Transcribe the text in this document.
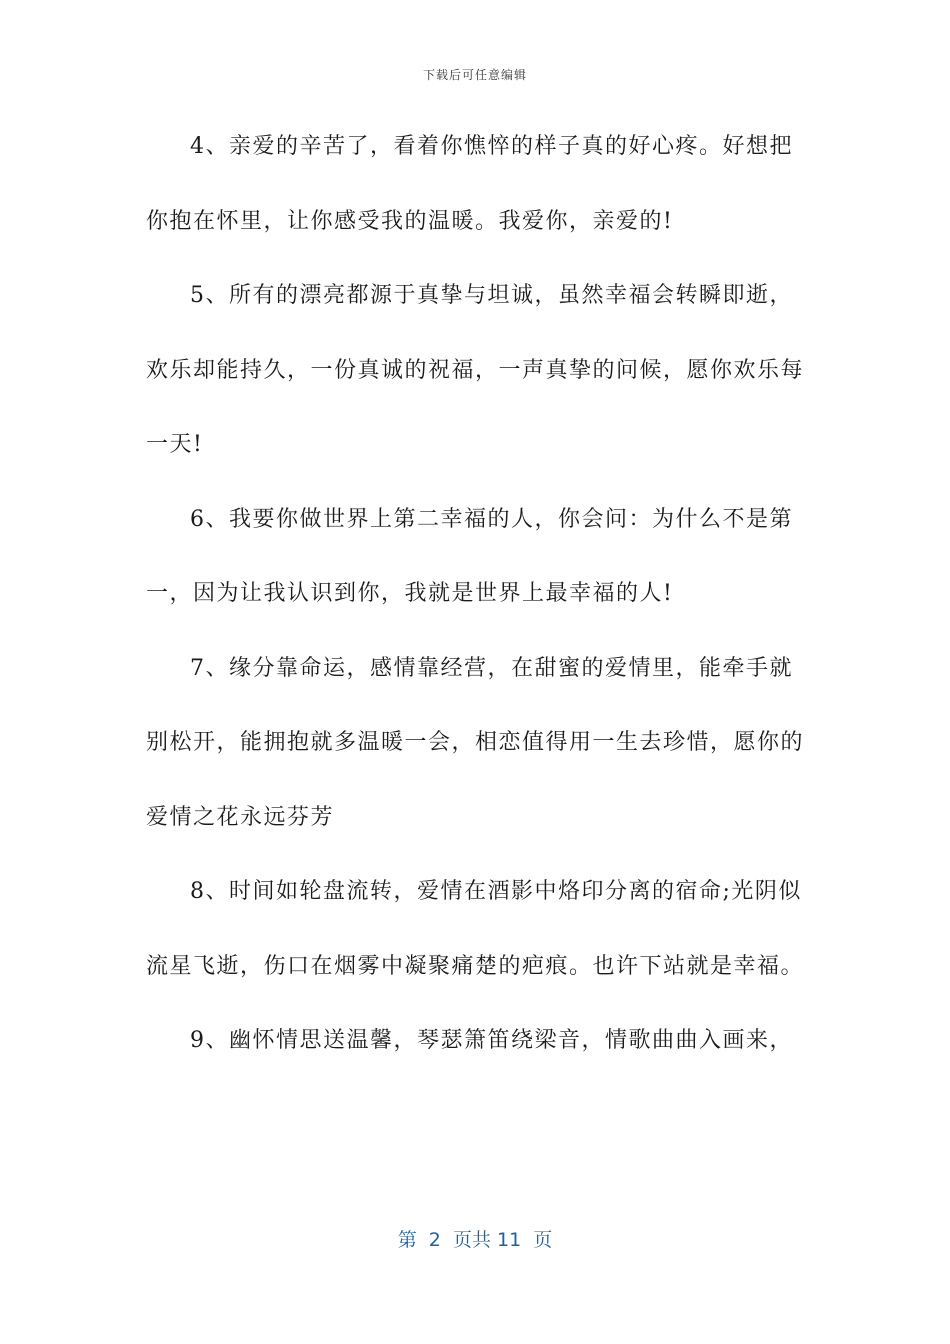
下载后可任意编辑

4、亲爱的辛苦了，看着你憔悴的样子真的好心疼。好想把你抱在怀里，让你感受我的温暖。我爱你，亲爱的!

5、所有的漂亮都源于真挚与坦诚，虽然幸福会转瞬即逝，欢乐却能持久，一份真诚的祝福，一声真挚的问候，愿你欢乐每一天!

6、我要你做世界上第二幸福的人，你会问：为什么不是第一，因为让我认识到你，我就是世界上最幸福的人!

7、缘分靠命运，感情靠经营，在甜蜜的爱情里，能牵手就别松开，能拥抱就多温暖一会，相恋值得用一生去珍惜，愿你的爱情之花永远芬芳

8、时间如轮盘流转，爱情在酒影中烙印分离的宿命;光阴似流星飞逝，伤口在烟雾中凝聚痛楚的疤痕。也许下站就是幸福。

9、幽怀情思送温馨，琴瑟箫笛绕梁音，情歌曲曲入画来，

第  2  页共 11  页
